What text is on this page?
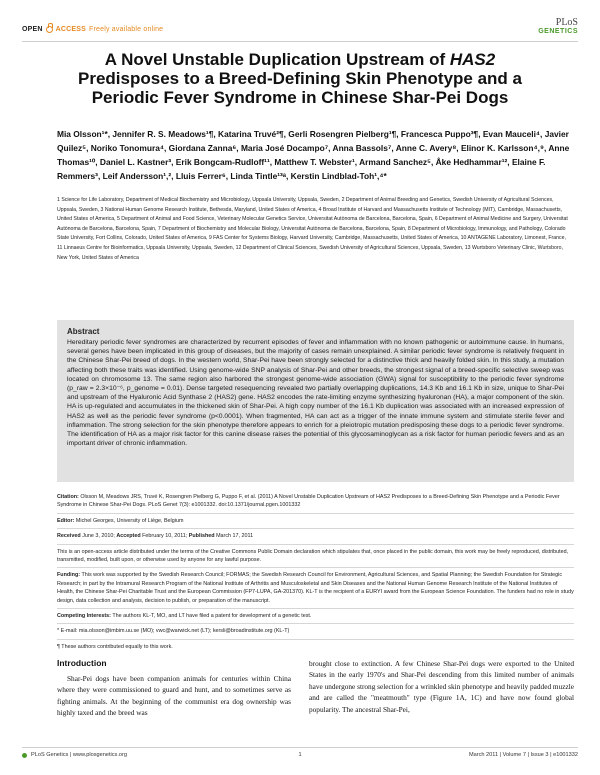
OPEN ACCESS Freely available online
PLoS
GENETICS
A Novel Unstable Duplication Upstream of HAS2 Predisposes to a Breed-Defining Skin Phenotype and a Periodic Fever Syndrome in Chinese Shar-Pei Dogs
Mia Olsson¹*, Jennifer R. S. Meadows¹¶, Katarina Truvé²¶, Gerli Rosengren Pielberg¹¶, Francesca Puppo³¶, Evan Mauceli⁴, Javier Quilez⁵, Noriko Tonomura⁴, Giordana Zanna⁶, Maria José Docampo⁷, Anna Bassols⁷, Anne C. Avery⁸, Elinor K. Karlsson⁴,⁹, Anne Thomas¹⁰, Daniel L. Kastner³, Erik Bongcam-Rudloff¹¹, Matthew T. Webster¹, Armand Sanchez⁵, Åke Hedhammar¹², Elaine F. Remmers³, Leif Andersson¹,², Lluis Ferrer⁶, Linda Tintle¹³ᵃ, Kerstin Lindblad-Toh¹,⁴*
1 Science for Life Laboratory, Department of Medical Biochemistry and Microbiology, Uppsala University, Uppsala, Sweden, 2 Department of Animal Breeding and Genetics, Swedish University of Agricultural Sciences, Uppsala, Sweden, 3 National Human Genome Research Institute, Bethesda, Maryland, United States of America, 4 Broad Institute of Harvard and Massachusetts Institute of Technology (MIT), Cambridge, Massachusetts, United States of America, 5 Department of Animal and Food Science, Veterinary Molecular Genetics Service, Universitat Autònoma de Barcelona, Barcelona, Spain, 6 Department of Animal Medicine and Surgery, Universitat Autònoma de Barcelona, Barcelona, Spain, 7 Department of Biochemistry and Molecular Biology, Universitat Autònoma de Barcelona, Barcelona, Spain, 8 Department of Microbiology, Immunology, and Pathology, Colorado State University, Fort Collins, Colorado, United States of America, 9 FAS Center for Systems Biology, Harvard University, Cambridge, Massachusetts, United States of America, 10 ANTAGENE Laboratory, Limonest, France, 11 Linnaeus Centre for Bioinformatics, Uppsala University, Uppsala, Sweden, 12 Department of Clinical Sciences, Swedish University of Agricultural Sciences, Uppsala, Sweden, 13 Wurtsboro Veterinary Clinic, Wurtsboro, New York, United States of America
Abstract
Hereditary periodic fever syndromes are characterized by recurrent episodes of fever and inflammation with no known pathogenic or autoimmune cause. In humans, several genes have been implicated in this group of diseases, but the majority of cases remain unexplained. A similar periodic fever syndrome is relatively frequent in the Chinese Shar-Pei breed of dogs. In the western world, Shar-Pei have been strongly selected for a distinctive thick and heavily folded skin. In this study, a mutation affecting both these traits was identified. Using genome-wide SNP analysis of Shar-Pei and other breeds, the strongest signal of a breed-specific selective sweep was located on chromosome 13. The same region also harbored the strongest genome-wide association (GWA) signal for susceptibility to the periodic fever syndrome (p_raw = 2.3×10⁻⁶, p_genome = 0.01). Dense targeted resequencing revealed two partially overlapping duplications, 14.3 Kb and 16.1 Kb in size, unique to Shar-Pei and upstream of the Hyaluronic Acid Synthase 2 (HAS2) gene. HAS2 encodes the rate-limiting enzyme synthesizing hyaluronan (HA), a major component of the skin. HA is up-regulated and accumulates in the thickened skin of Shar-Pei. A high copy number of the 16.1 Kb duplication was associated with an increased expression of HAS2 as well as the periodic fever syndrome (p<0.0001). When fragmented, HA can act as a trigger of the innate immune system and stimulate sterile fever and inflammation. The strong selection for the skin phenotype therefore appears to enrich for a pleiotropic mutation predisposing these dogs to a periodic fever syndrome. The identification of HA as a major risk factor for this canine disease raises the potential of this glycosaminoglycan as a risk factor for human periodic fevers and as an important driver of chronic inflammation.
Citation: Olsson M, Meadows JRS, Truvé K, Rosengren Pielberg G, Puppo F, et al. (2011) A Novel Unstable Duplication Upstream of HAS2 Predisposes to a Breed-Defining Skin Phenotype and a Periodic Fever Syndrome in Chinese Shar-Pei Dogs. PLoS Genet 7(3): e1001332. doi:10.1371/journal.pgen.1001332
Editor: Michel Georges, University of Liège, Belgium
Received June 3, 2010; Accepted February 10, 2011; Published March 17, 2011
This is an open-access article distributed under the terms of the Creative Commons Public Domain declaration which stipulates that, once placed in the public domain, this work may be freely reproduced, distributed, transmitted, modified, built upon, or otherwise used by anyone for any lawful purpose.
Funding: This work was supported by the Swedish Research Council; FORMAS; the Swedish Research Council for Environment, Agricultural Sciences, and Spatial Planning; the Swedish Foundation for Strategic Research; in part by the Intramural Research Program of the National Institute of Arthritis and Musculoskeletal and Skin Diseases and the National Human Genome Research Institute of the National Institutes of Health, the Chinese Shar-Pei Charitable Trust and the European Commission (FP7-LUPA, GA-201370). KL-T is the recipient of a EURYI award from the European Science Foundation. The funders had no role in study design, data collection and analysis, decision to publish, or preparation of the manuscript.
Competing Interests: The authors KL-T, MO, and LT have filed a patent for development of a genetic test.
* E-mail: mia.olsson@imbim.uu.se (MO); vwc@warwick.net (LT); kersli@broadinstitute.org (KL-T)
¶ These authors contributed equally to this work.
Introduction

Shar-Pei dogs have been companion animals for centuries within China where they were commissioned to guard and hunt, and to sometimes serve as fighting animals. At the beginning of the communist era dog ownership was highly taxed and the breed was

brought close to extinction. A few Chinese Shar-Pei dogs were exported to the United States in the early 1970's and Shar-Pei descending from this limited number of animals have undergone strong selection for a wrinkled skin phenotype and heavily padded muzzle and are called the "meatmouth" type (Figure 1A, 1C) and have now found global popularity. The ancestral Shar-Pei,

PLoS Genetics | www.plosgenetics.org	1	March 2011 | Volume 7 | Issue 3 | e1001332
